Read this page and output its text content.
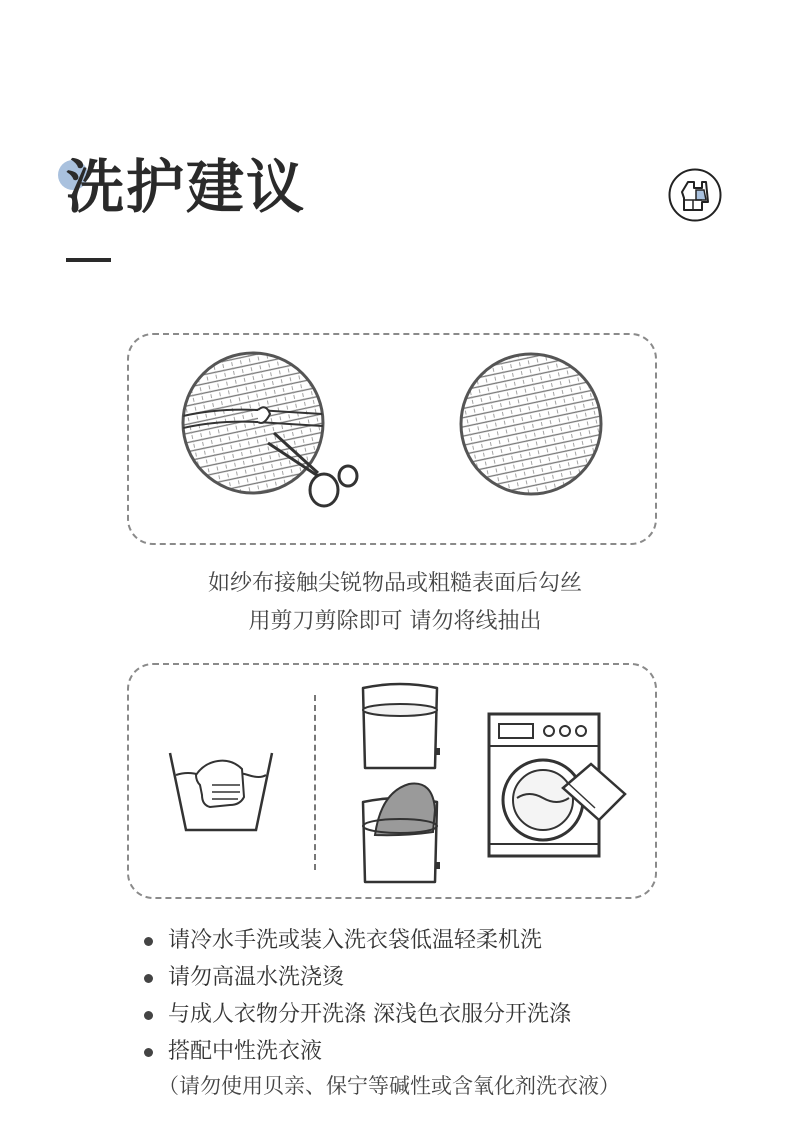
洗护建议
如纱布接触尖锐物品或粗糙表面后勾丝
用剪刀剪除即可 请勿将线抽出
请冷水手洗或装入洗衣袋低温轻柔机洗
请勿高温水洗浇烫
与成人衣物分开洗涤 深浅色衣服分开洗涤
搭配中性洗衣液
（请勿使用贝亲、保宁等碱性或含氧化剂洗衣液）
